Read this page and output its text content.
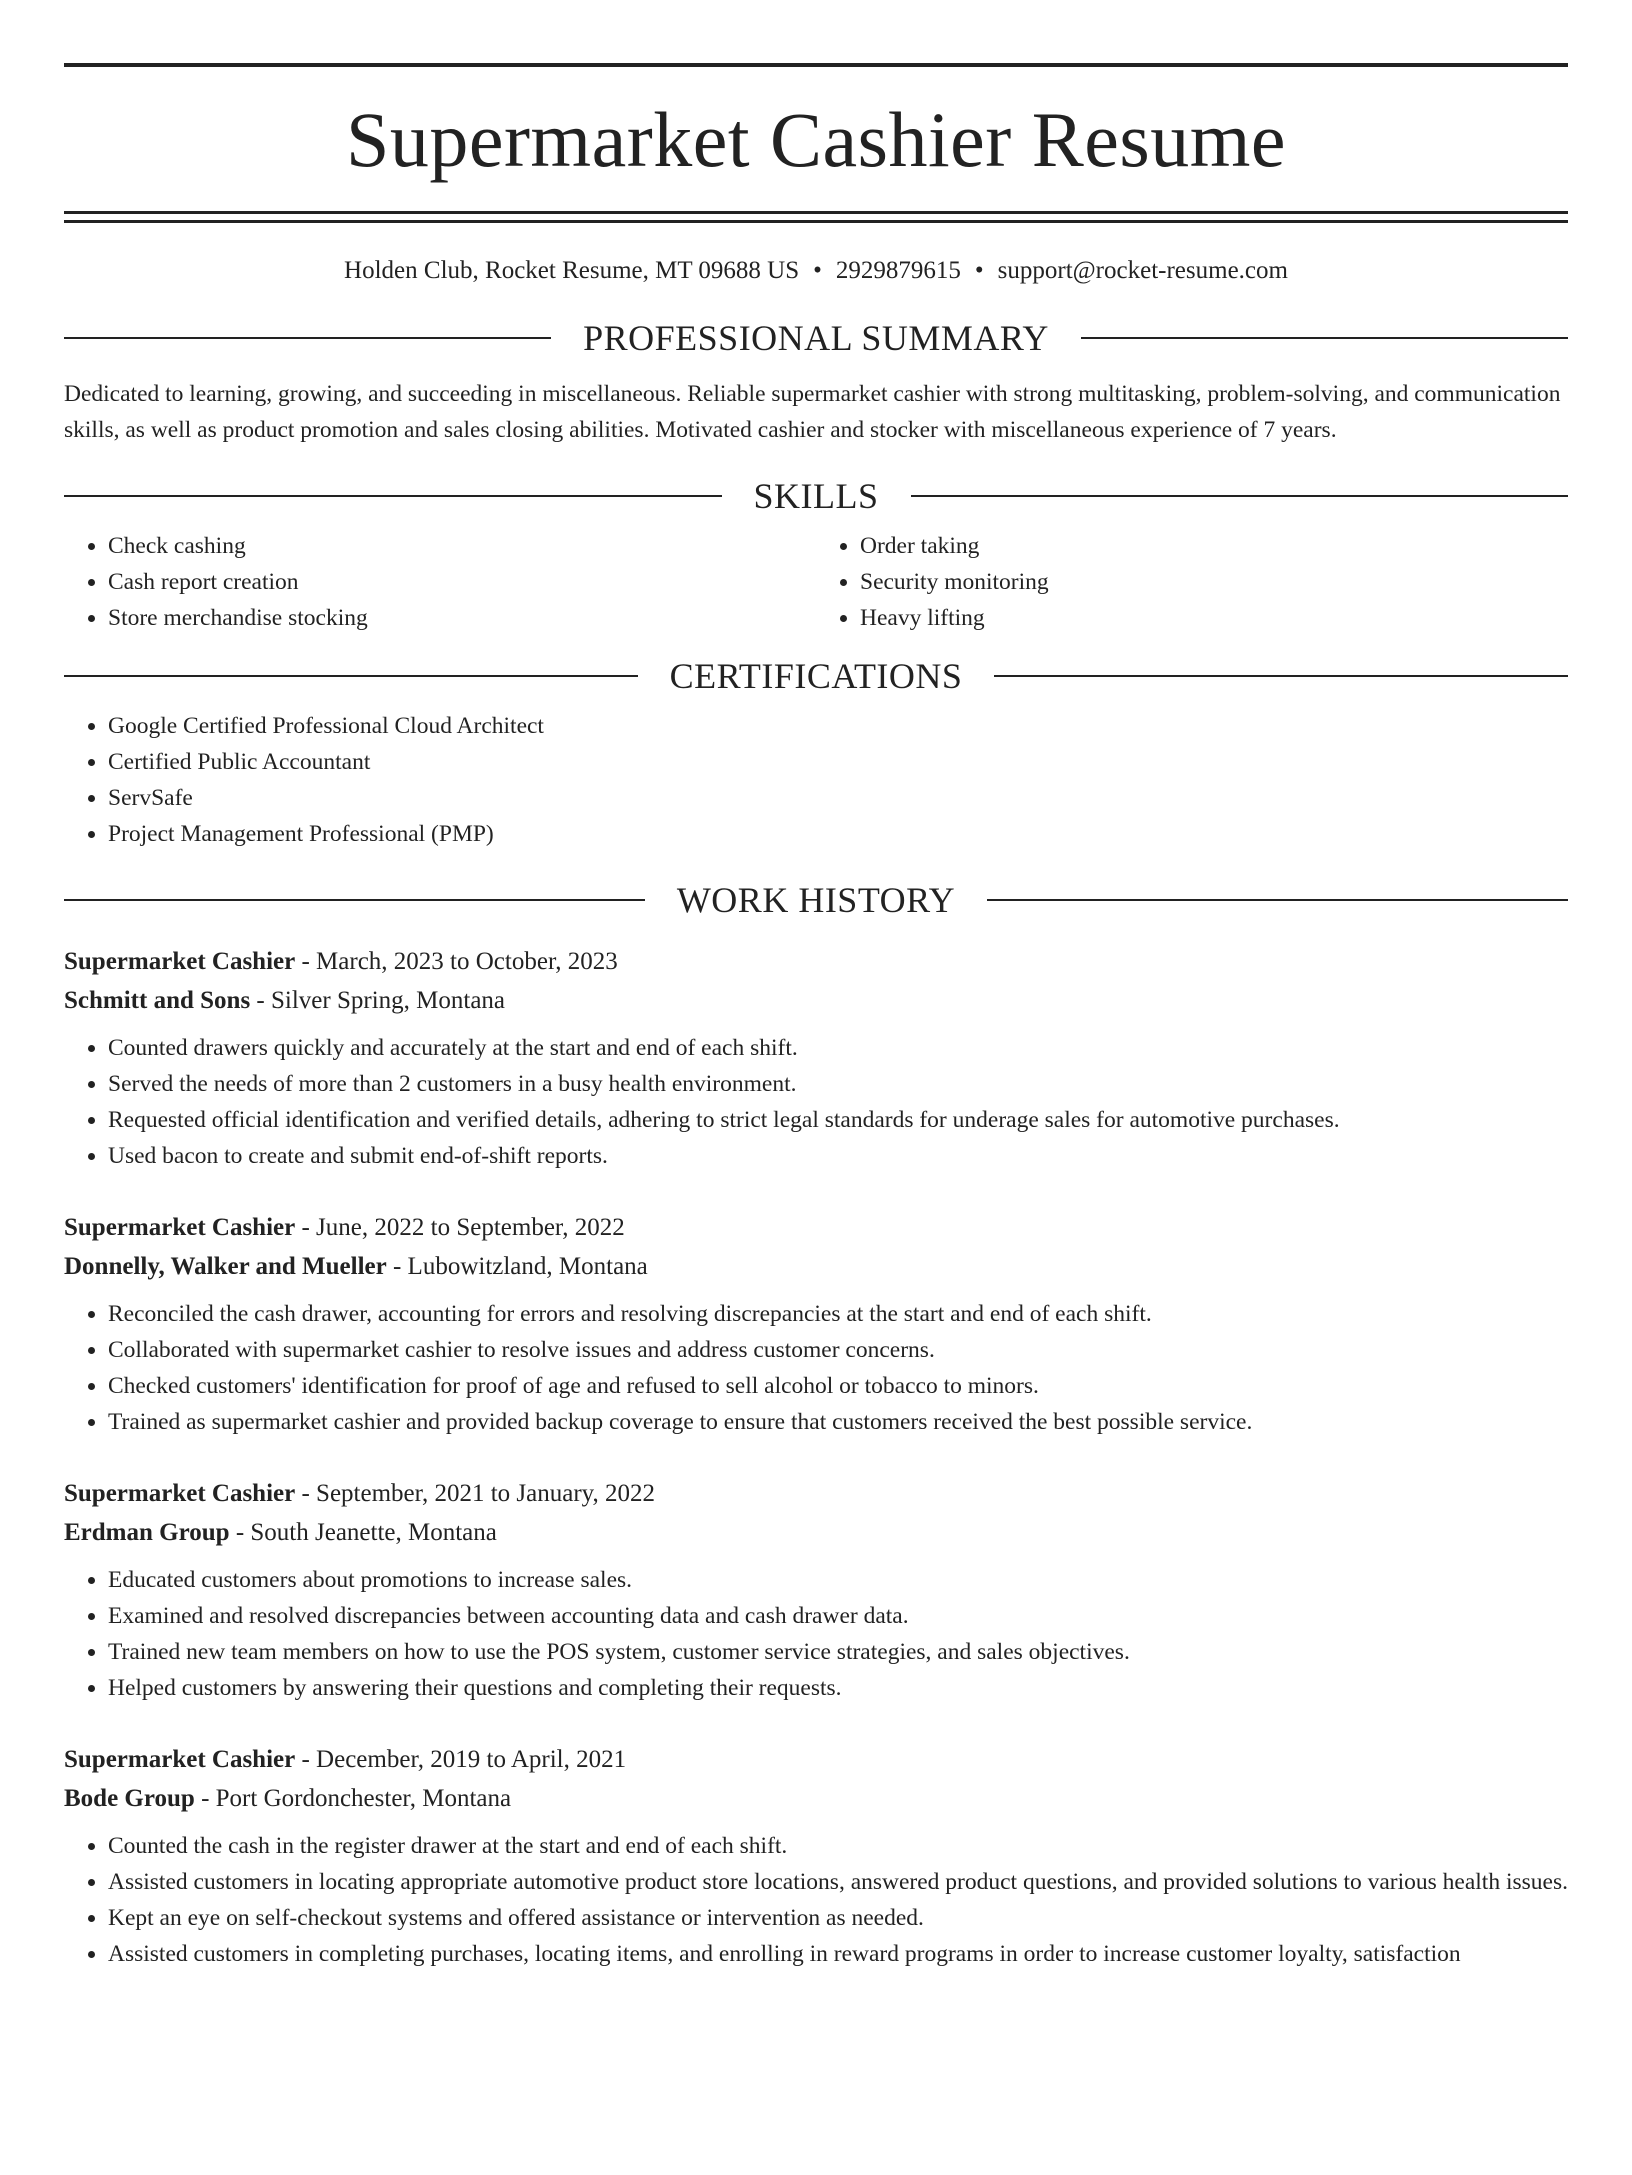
Supermarket Cashier Resume
Holden Club, Rocket Resume, MT 09688 US • 2929879615 • support@rocket-resume.com
PROFESSIONAL SUMMARY
Dedicated to learning, growing, and succeeding in miscellaneous. Reliable supermarket cashier with strong multitasking, problem-solving, and communication skills, as well as product promotion and sales closing abilities. Motivated cashier and stocker with miscellaneous experience of 7 years.
SKILLS
• Check cashing
• Cash report creation
• Store merchandise stocking
• Order taking
• Security monitoring
• Heavy lifting
CERTIFICATIONS
• Google Certified Professional Cloud Architect
• Certified Public Accountant
• ServSafe
• Project Management Professional (PMP)
WORK HISTORY
Supermarket Cashier - March, 2023 to October, 2023
Schmitt and Sons - Silver Spring, Montana
• Counted drawers quickly and accurately at the start and end of each shift.
• Served the needs of more than 2 customers in a busy health environment.
• Requested official identification and verified details, adhering to strict legal standards for underage sales for automotive purchases.
• Used bacon to create and submit end-of-shift reports.
Supermarket Cashier - June, 2022 to September, 2022
Donnelly, Walker and Mueller - Lubowitzland, Montana
• Reconciled the cash drawer, accounting for errors and resolving discrepancies at the start and end of each shift.
• Collaborated with supermarket cashier to resolve issues and address customer concerns.
• Checked customers' identification for proof of age and refused to sell alcohol or tobacco to minors.
• Trained as supermarket cashier and provided backup coverage to ensure that customers received the best possible service.
Supermarket Cashier - September, 2021 to January, 2022
Erdman Group - South Jeanette, Montana
• Educated customers about promotions to increase sales.
• Examined and resolved discrepancies between accounting data and cash drawer data.
• Trained new team members on how to use the POS system, customer service strategies, and sales objectives.
• Helped customers by answering their questions and completing their requests.
Supermarket Cashier - December, 2019 to April, 2021
Bode Group - Port Gordonchester, Montana
• Counted the cash in the register drawer at the start and end of each shift.
• Assisted customers in locating appropriate automotive product store locations, answered product questions, and provided solutions to various health issues.
• Kept an eye on self-checkout systems and offered assistance or intervention as needed.
• Assisted customers in completing purchases, locating items, and enrolling in reward programs in order to increase customer loyalty, satisfaction
